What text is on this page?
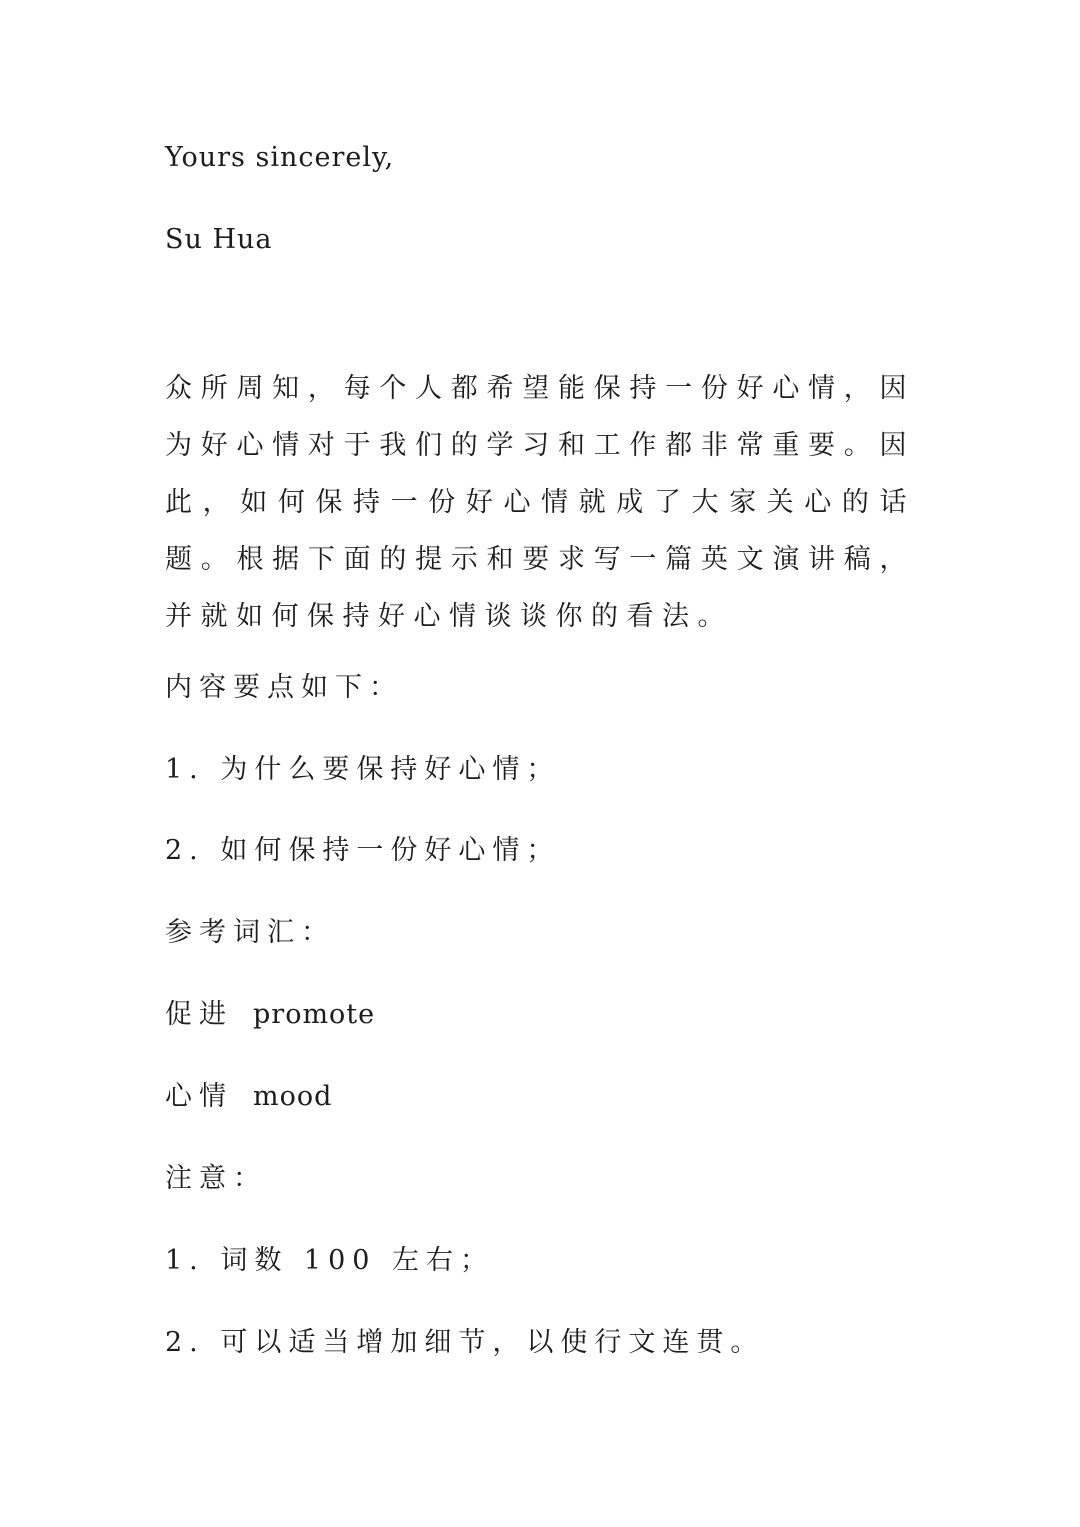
Yours sincerely,

Su Hua

众所周知，每个人都希望能保持一份好心情，因为好心情对于我们的学习和工作都非常重要。因此，如何保持一份好心情就成了大家关心的话题。根据下面的提示和要求写一篇英文演讲稿，并就如何保持好心情谈谈你的看法。

内容要点如下：

1. 为什么要保持好心情；

2. 如何保持一份好心情；

参考词汇：

促进 promote

心情 mood

注意：

1. 词数 100 左右；

2. 可以适当增加细节，以使行文连贯。
